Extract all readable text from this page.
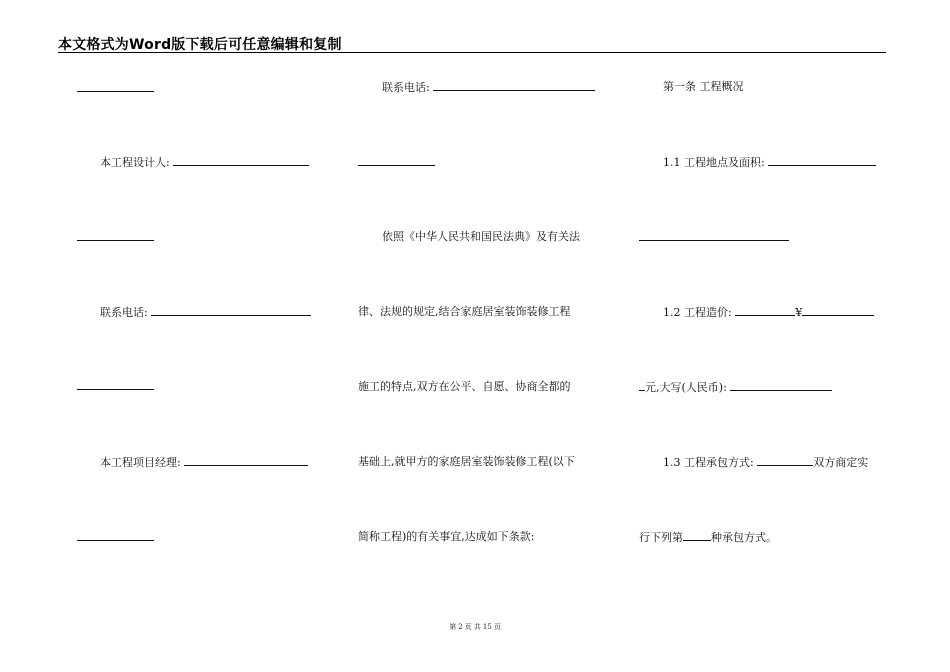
本文格式为Word版下载后可任意编辑和复制
本工程设计人:
联系电话:
本工程项目经理:
联系电话:
依照《中华人民共和国民法典》及有关法
律、法规的规定,结合家庭居室装饰装修工程
施工的特点,双方在公平、自愿、协商全都的
基础上,就甲方的家庭居室装饰装修工程(以下
简称工程)的有关事宜,达成如下条款:
第一条 工程概况
1.1 工程地点及面积:
1.2 工程造价:	¥
元,大写(人民币):
1.3 工程承包方式:	双方商定实
行下列第	种承包方式。
第 2 页 共 15 页
